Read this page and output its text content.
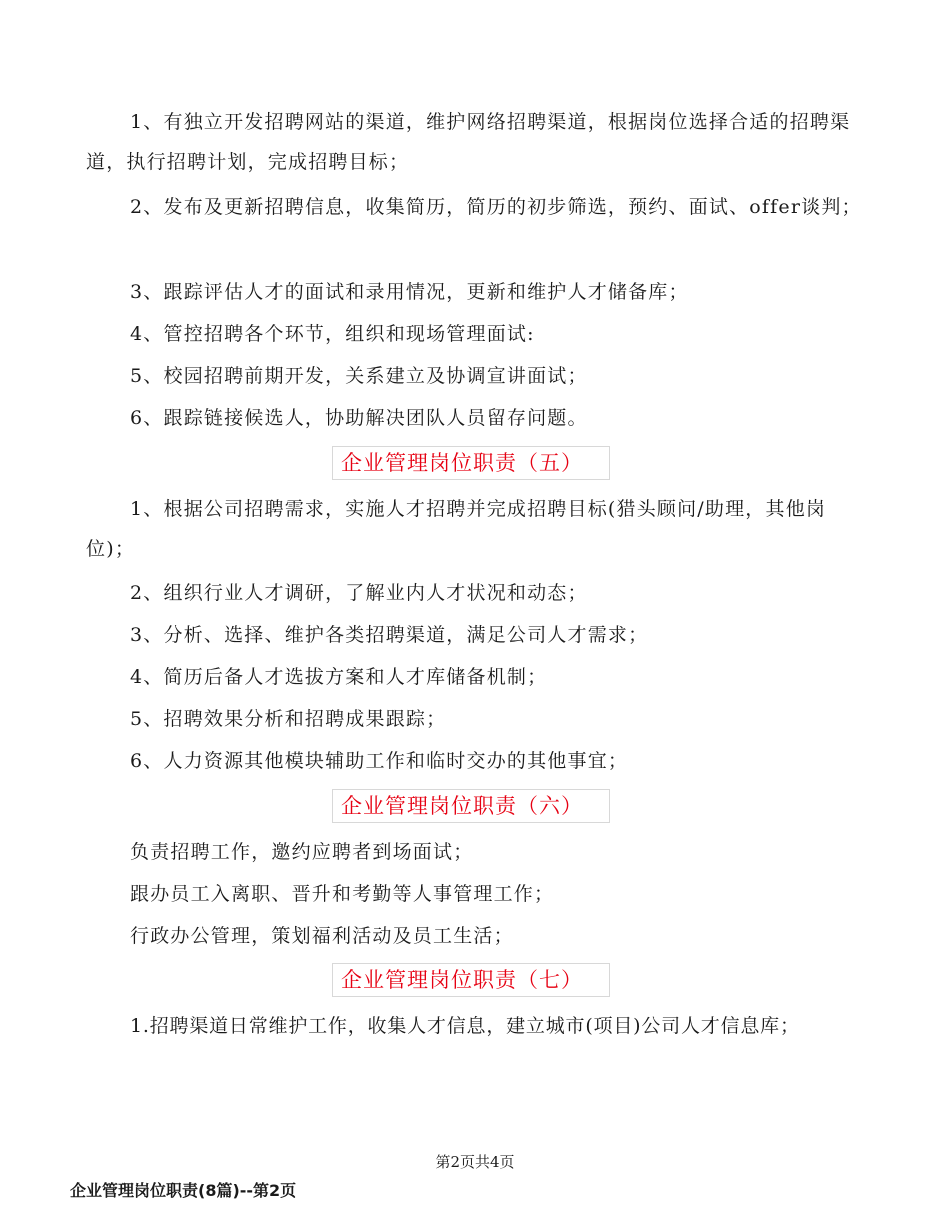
1、有独立开发招聘网站的渠道，维护网络招聘渠道，根据岗位选择合适的招聘渠道，执行招聘计划，完成招聘目标；

2、发布及更新招聘信息，收集简历，简历的初步筛选，预约、面试、offer谈判；

3、跟踪评估人才的面试和录用情况，更新和维护人才储备库；

4、管控招聘各个环节，组织和现场管理面试:

5、校园招聘前期开发，关系建立及协调宣讲面试；

6、跟踪链接候选人，协助解决团队人员留存问题。

企业管理岗位职责（五）

1、根据公司招聘需求，实施人才招聘并完成招聘目标(猎头顾问/助理，其他岗位)；

2、组织行业人才调研，了解业内人才状况和动态；

3、分析、选择、维护各类招聘渠道，满足公司人才需求；

4、简历后备人才选拔方案和人才库储备机制；

5、招聘效果分析和招聘成果跟踪；

6、人力资源其他模块辅助工作和临时交办的其他事宜；

企业管理岗位职责（六）

负责招聘工作，邀约应聘者到场面试；

跟办员工入离职、晋升和考勤等人事管理工作；

行政办公管理，策划福利活动及员工生活；

企业管理岗位职责（七）

1.招聘渠道日常维护工作，收集人才信息，建立城市(项目)公司人才信息库；

第2页共4页
企业管理岗位职责(8篇)--第2页
